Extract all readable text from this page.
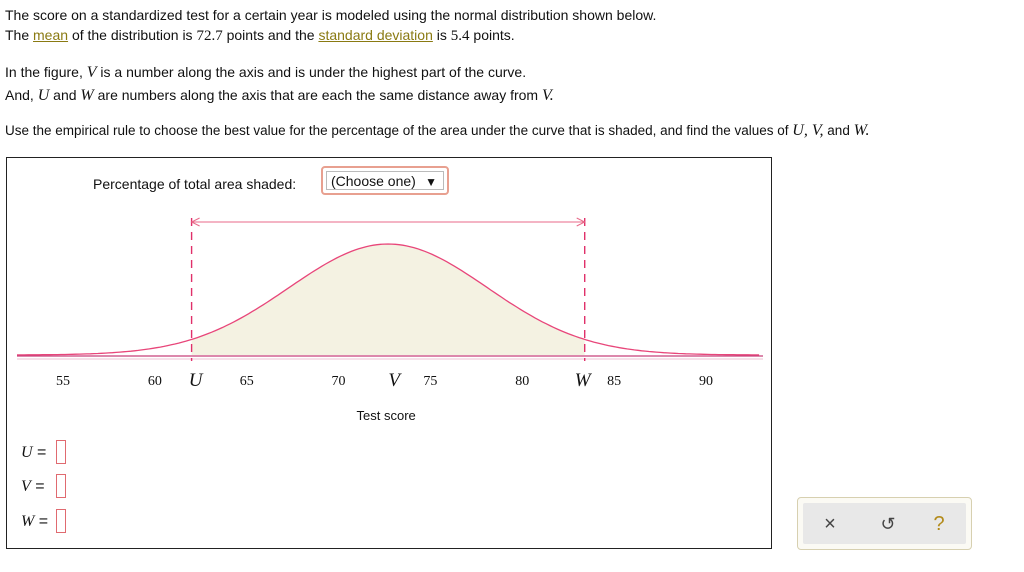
The score on a standardized test for a certain year is modeled using the normal distribution shown below.
The mean of the distribution is 72.7 points and the standard deviation is 5.4 points.
In the figure, V is a number along the axis and is under the highest part of the curve.
And, U and W are numbers along the axis that are each the same distance away from V.
Use the empirical rule to choose the best value for the percentage of the area under the curve that is shaded, and find the values of U, V, and W.
Percentage of total area shaded:	(Choose one) ▼
55	60	65	70	75	80	85	90
U	V	W
Test score
U =
V =
W =	×	↺	?
